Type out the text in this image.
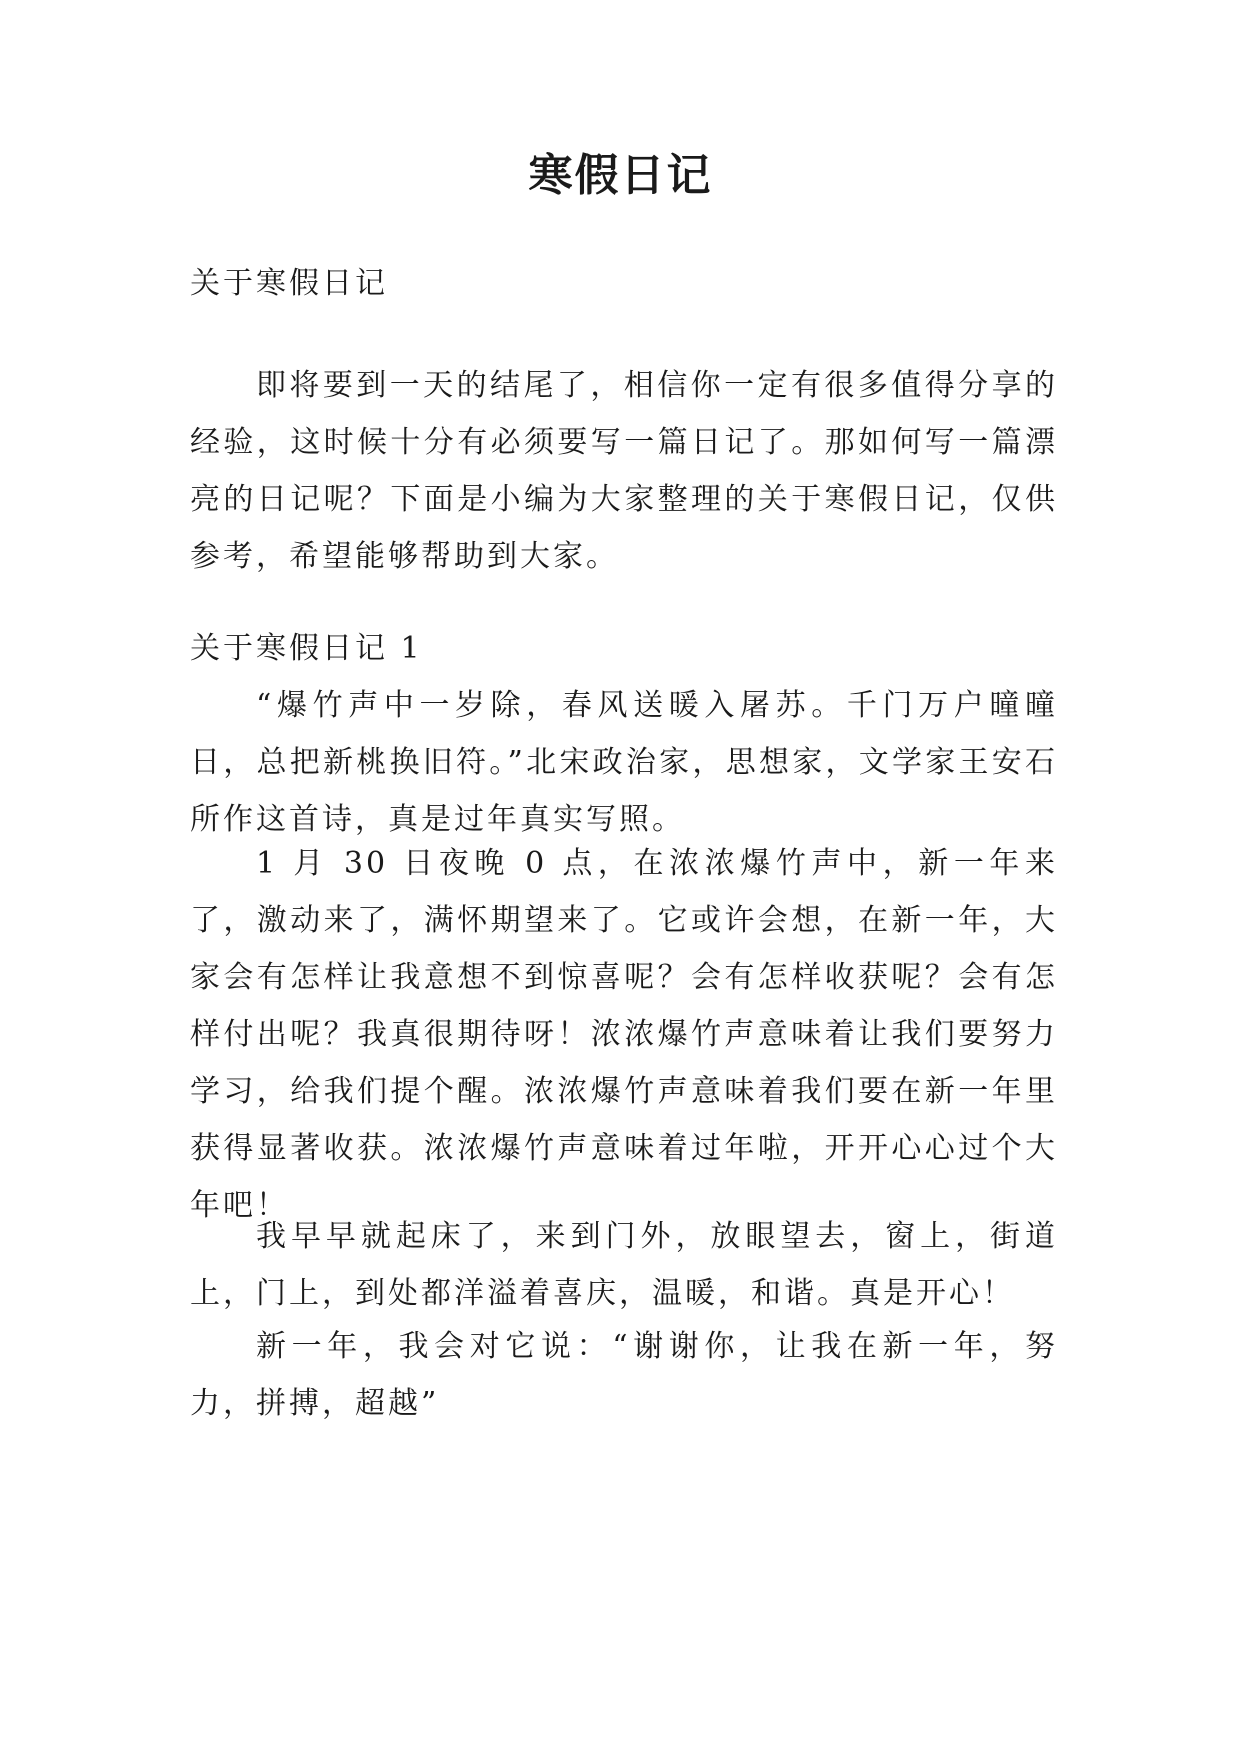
寒假日记

关于寒假日记

即将要到一天的结尾了，相信你一定有很多值得分享的经验，这时候十分有必须要写一篇日记了。那如何写一篇漂亮的日记呢？下面是小编为大家整理的关于寒假日记，仅供参考，希望能够帮助到大家。

关于寒假日记 1

“爆竹声中一岁除，春风送暖入屠苏。千门万户曈曈日，总把新桃换旧符。”北宋政治家，思想家，文学家王安石所作这首诗，真是过年真实写照。

1 月 30 日夜晚 0 点，在浓浓爆竹声中，新一年来了，激动来了，满怀期望来了。它或许会想，在新一年，大家会有怎样让我意想不到惊喜呢？会有怎样收获呢？会有怎样付出呢？我真很期待呀！浓浓爆竹声意味着让我们要努力学习，给我们提个醒。浓浓爆竹声意味着我们要在新一年里获得显著收获。浓浓爆竹声意味着过年啦，开开心心过个大年吧！

我早早就起床了，来到门外，放眼望去，窗上，街道上，门上，到处都洋溢着喜庆，温暖，和谐。真是开心！

新一年，我会对它说：“谢谢你，让我在新一年，努力，拼搏，超越”
